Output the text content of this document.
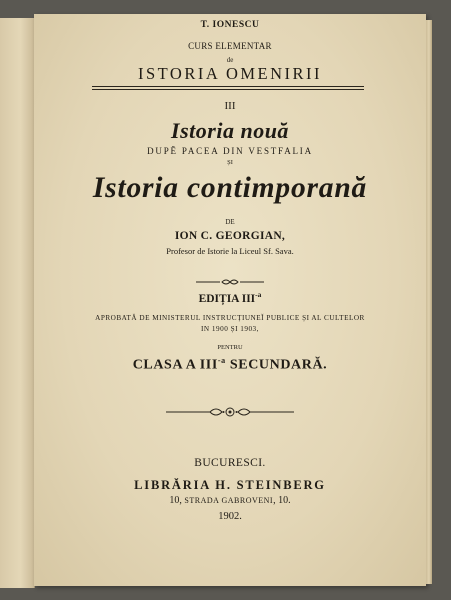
T. IONESCU
CURS ELEMENTAR
de
ISTORIA OMENIRII
III
Istoria nouă
DUPĔ PACEA DIN VESTFALIA
ȘI
Istoria contimporană
DE
ION C. GEORGIAN,
Profesor de Istorie la Liceul Sf. Sava.
EDIȚIA $III^{-a}$
APROBATĂ DE MINISTERUL INSTRUCȚIUNEĬ PUBLICE ȘI AL CULTELOR
IN 1900 ȘI 1903,
PENTRU
CLASA A $III^{-a}$ SECUNDARĂ.
BUCURESCI.
LIBRĂRIA H. STEINBERG
10, STRADA GABROVENI, 10.
1902.
